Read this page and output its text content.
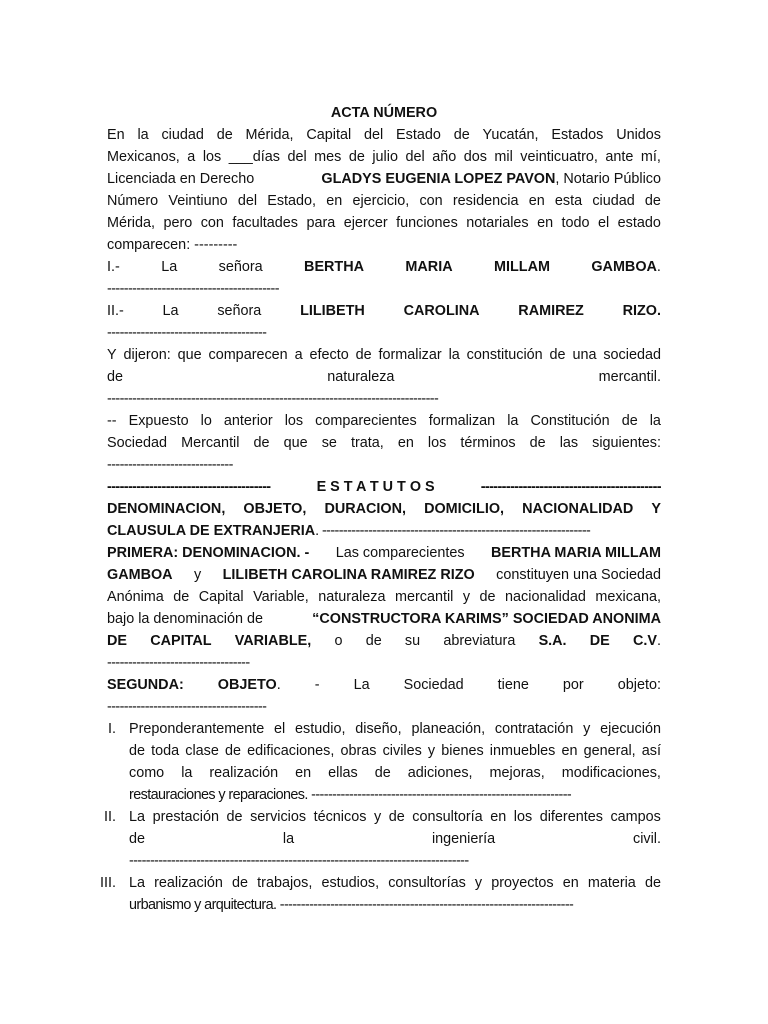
ACTA NÚMERO
En la ciudad de Mérida, Capital del Estado de Yucatán, Estados Unidos
Mexicanos, a los ___días del mes de julio del año dos mil veinticuatro, ante mí,
Licenciada en Derecho	GLADYS EUGENIA LOPEZ PAVON, Notario Público
Número Veintiuno del Estado, en ejercicio, con residencia en esta ciudad de
Mérida, pero con facultades para ejercer funciones notariales en todo el estado
comparecen: ---------
I.-	La	señora	BERTHA	MARIA	MILLAM	GAMBOA.
-----------------------------------------
II.-	La	señora	LILIBETH	CAROLINA	RAMIREZ	RIZO.
--------------------------------------
Y dijeron: que comparecen a efecto de formalizar la constitución de una sociedad
de	naturaleza	mercantil.
-------------------------------------------------------------------------------
-- Expuesto lo anterior los comparecientes formalizan la Constitución de la
Sociedad Mercantil de que se trata, en los términos de las siguientes:
------------------------------
---------------------------------------	E S T A T U T O S	-------------------------------------------
DENOMINACION, OBJETO, DURACION, DOMICILIO, NACIONALIDAD Y
CLAUSULA DE EXTRANJERIA. ----------------------------------------------------------------
PRIMERA: DENOMINACION. - Las comparecientes BERTHA MARIA MILLAM
GAMBOA y LILIBETH CAROLINA RAMIREZ RIZO constituyen una Sociedad
Anónima de Capital Variable, naturaleza mercantil y de nacionalidad mexicana,
bajo la denominación de	“CONSTRUCTORA KARIMS” SOCIEDAD ANONIMA
DE CAPITAL VARIABLE, o de su abreviatura S.A. DE C.V.
----------------------------------
SEGUNDA: OBJETO. - La Sociedad tiene por objeto:
--------------------------------------
I. Preponderantemente el estudio, diseño, planeación, contratación y ejecución
de toda clase de edificaciones, obras civiles y bienes inmuebles en general, así
como la realización en ellas de adiciones, mejoras, modificaciones,
restauraciones y reparaciones. --------------------------------------------------------------
II. La prestación de servicios técnicos y de consultoría en los diferentes campos
de	la	ingeniería	civil.
---------------------------------------------------------------------------------
III. La realización de trabajos, estudios, consultorías y proyectos en materia de
urbanismo y arquitectura. ----------------------------------------------------------------------
